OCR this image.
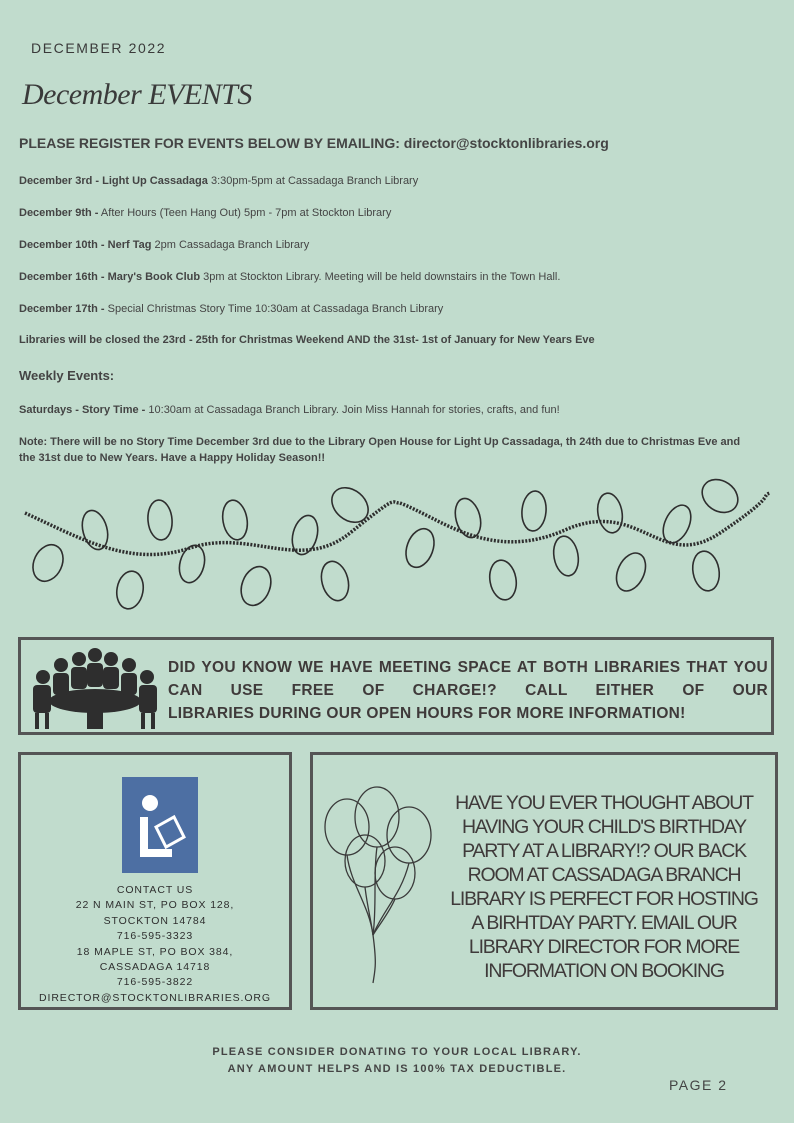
DECEMBER 2022
December EVENTS
PLEASE REGISTER FOR EVENTS BELOW BY EMAILING: director@stocktonlibraries.org
December 3rd - Light Up Cassadaga 3:30pm-5pm at Cassadaga Branch Library
December 9th - After Hours (Teen Hang Out) 5pm - 7pm at Stockton Library
December 10th - Nerf Tag 2pm Cassadaga Branch Library
December 16th - Mary's Book Club 3pm at Stockton Library. Meeting will be held downstairs in the Town Hall.
December 17th - Special Christmas Story Time 10:30am at Cassadaga Branch Library
Libraries will be closed the 23rd - 25th for Christmas Weekend AND the 31st- 1st of January for New Years Eve
Weekly Events:
Saturdays - Story Time - 10:30am at Cassadaga Branch Library. Join Miss Hannah for stories, crafts, and fun!
Note: There will be no Story Time December 3rd due to the Library Open House for Light Up Cassadaga, th 24th due to Christmas Eve and the 31st due to New Years. Have a Happy Holiday Season!!
DID YOU KNOW WE HAVE MEETING SPACE AT BOTH LIBRARIES THAT YOU CAN USE FREE OF CHARGE!? CALL EITHER OF OUR
LIBRARIES DURING OUR OPEN HOURS FOR MORE INFORMATION!
CONTACT US
22 N MAIN ST, PO BOX 128,
STOCKTON 14784
716-595-3323
18 MAPLE ST, PO BOX 384,
CASSADAGA 14718
716-595-3822
DIRECTOR@STOCKTONLIBRARIES.ORG
HAVE YOU EVER THOUGHT ABOUT
HAVING YOUR CHILD'S BIRTHDAY
PARTY AT A LIBRARY!? OUR BACK
ROOM AT CASSADAGA BRANCH
LIBRARY IS PERFECT FOR HOSTING
A BIRHTDAY PARTY. EMAIL OUR
LIBRARY DIRECTOR FOR MORE
INFORMATION ON BOOKING
PLEASE CONSIDER DONATING TO YOUR LOCAL LIBRARY.
ANY AMOUNT HELPS AND IS 100% TAX DEDUCTIBLE.
PAGE 2
